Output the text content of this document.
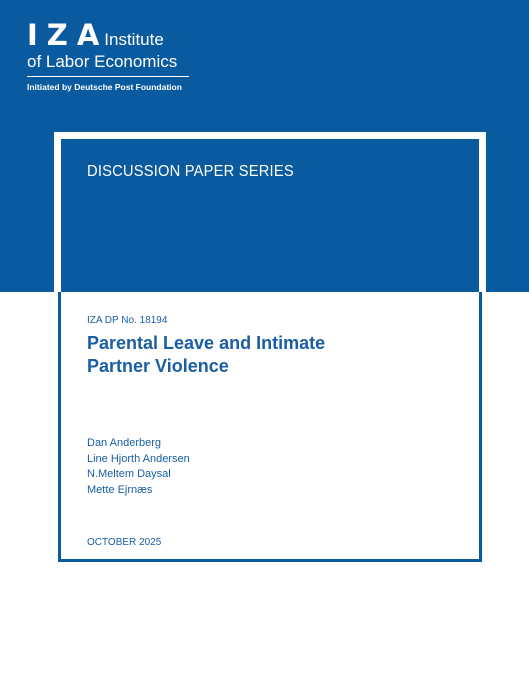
IZA
Institute
of Labor Economics
Initiated by Deutsche Post Foundation
DISCUSSION PAPER SERIES
IZA DP No. 18194
Parental Leave and Intimate
Partner Violence
Dan Anderberg
Line Hjorth Andersen
N.Meltem Daysal
Mette Ejrnæs
OCTOBER 2025
